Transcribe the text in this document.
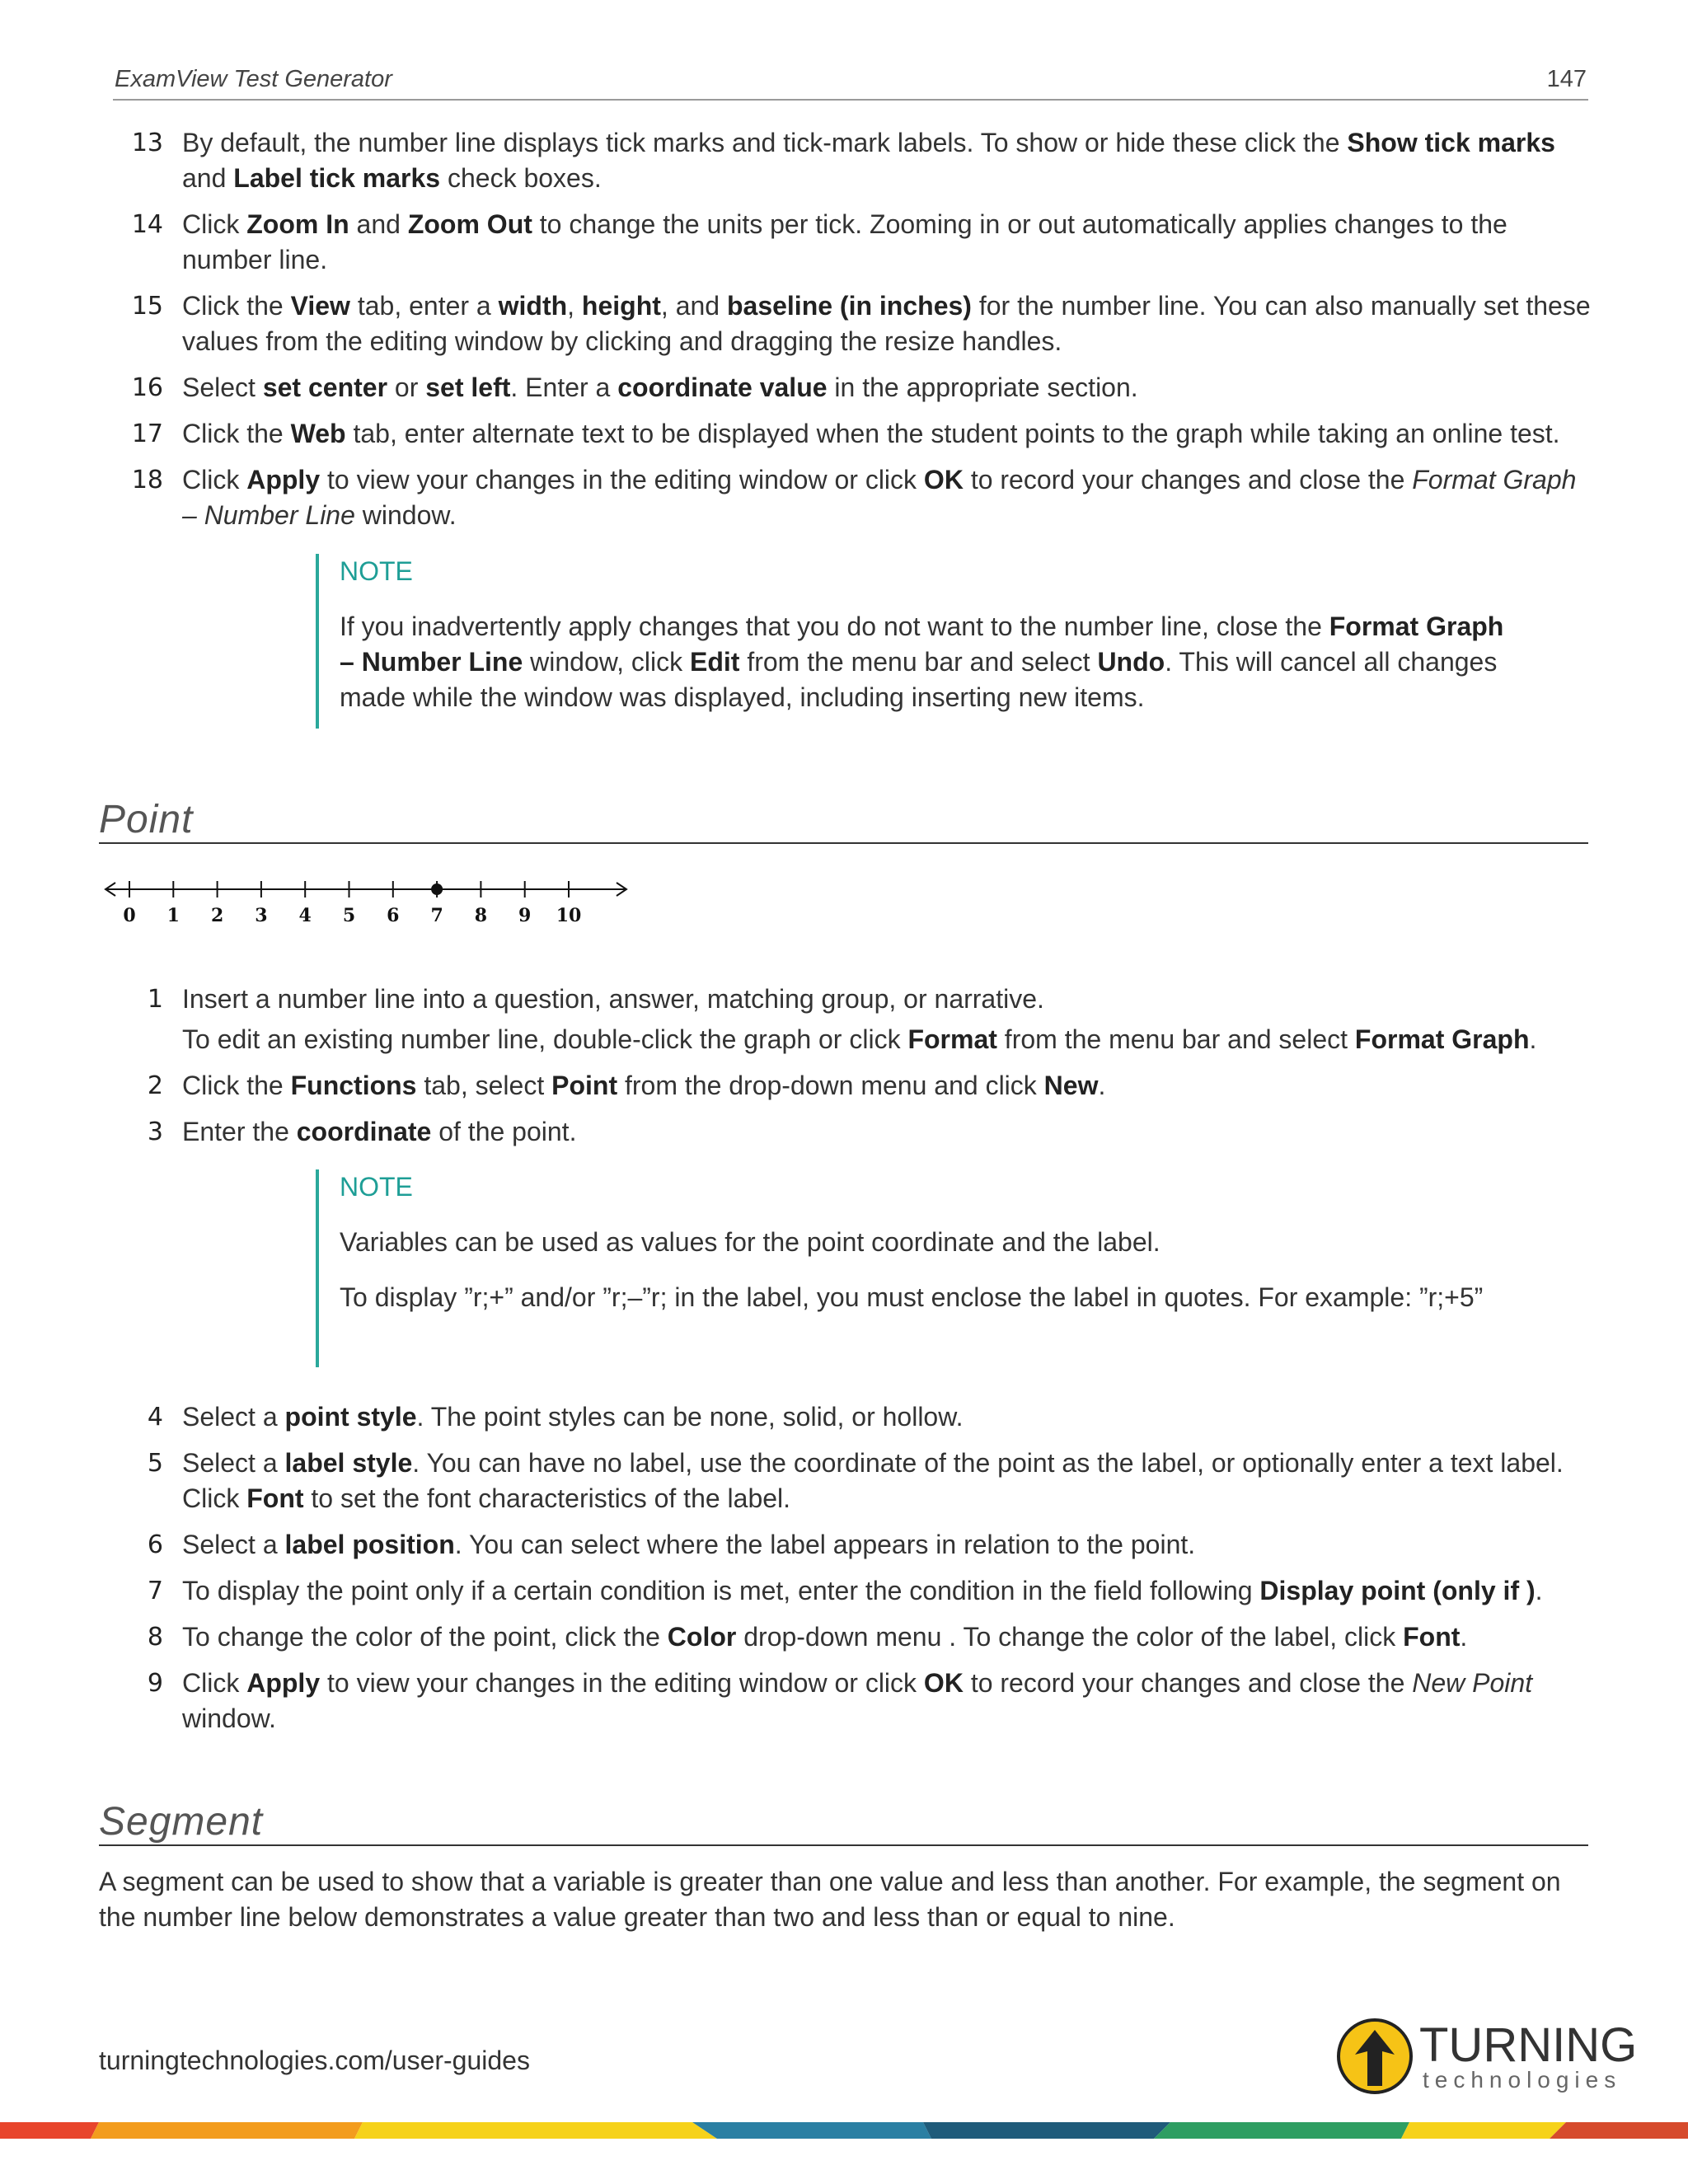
ExamView Test Generator	147
13 By default, the number line displays tick marks and tick-mark labels. To show or hide these click the Show tick marks and Label tick marks check boxes.

14 Click Zoom In and Zoom Out to change the units per tick. Zooming in or out automatically applies changes to the number line.

15 Click the View tab, enter a width, height, and baseline (in inches) for the number line. You can also manually set these values from the editing window by clicking and dragging the resize handles.

16 Select set center or set left. Enter a coordinate value in the appropriate section.

17 Click the Web tab, enter alternate text to be displayed when the student points to the graph while taking an online test.

18 Click Apply to view your changes in the editing window or click OK to record your changes and close the Format Graph – Number Line window.

NOTE

If you inadvertently apply changes that you do not want to the number line, close the Format Graph – Number Line window, click Edit from the menu bar and select Undo. This will cancel all changes made while the window was displayed, including inserting new items.

Point
0 1 2 3 4 5 6 7 8 9 10
1 Insert a number line into a question, answer, matching group, or narrative.

To edit an existing number line, double-click the graph or click Format from the menu bar and select Format Graph.

2 Click the Functions tab, select Point from the drop-down menu and click New.

3 Enter the coordinate of the point.

NOTE

Variables can be used as values for the point coordinate and the label.

To display ”r;+” and/or ”r;–”r; in the label, you must enclose the label in quotes. For example: ”r;+5”

4 Select a point style. The point styles can be none, solid, or hollow.

5 Select a label style. You can have no label, use the coordinate of the point as the label, or optionally enter a text label. Click Font to set the font characteristics of the label.

6 Select a label position. You can select where the label appears in relation to the point.

7 To display the point only if a certain condition is met, enter the condition in the field following Display point (only if ).

8 To change the color of the point, click the Color drop-down menu . To change the color of the label, click Font.

9 Click Apply to view your changes in the editing window or click OK to record your changes and close the New Point window.

Segment

A segment can be used to show that a variable is greater than one value and less than another. For example, the segment on the number line below demonstrates a value greater than two and less than or equal to nine.

turningtechnologies.com/user-guides	TURNING
technologies
